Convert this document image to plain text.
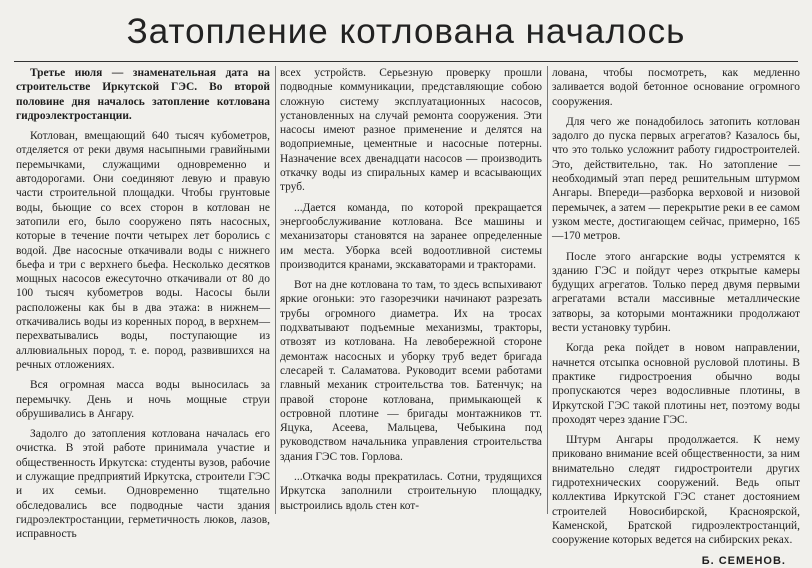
Затопление котлована началось

Третье июля — знаменательная дата на строительстве Иркутской ГЭС. Во второй половине дня началось затопление котлована гидроэлектростанции.

Котлован, вмещающий 640 тысяч кубометров, отделяется от реки двумя насыпными гравийными перемычками, служащими одновременно и автодорогами. Они соединяют левую и правую части строительной площадки. Чтобы грунтовые воды, бьющие со всех сторон в котлован не затопили его, было сооружено пять насосных, которые в течение почти четырех лет боролись с водой. Две насосные откачивали воды с нижнего бьефа и три с верхнего бьефа. Несколько десятков мощных насосов ежесуточно откачивали от 80 до 100 тысяч кубометров воды. Насосы были расположены как бы в два этажа: в нижнем—откачивались воды из коренных пород, в верхнем—перехватывались воды, поступающие из аллювиальных пород, т. е. пород, развившихся на речных отложениях.

Вся огромная масса воды выносилась за перемычку. День и ночь мощные струи обрушивались в Ангару.

Задолго до затопления котлована началась его очистка. В этой работе принимала участие и общественность Иркутска: студенты вузов, рабочие и служащие предприятий Иркутска, строители ГЭС и их семьи. Одновременно тщательно обследовались все подводные части здания гидроэлектростанции, герметичность люков, лазов, исправность

всех устройств. Серьезную проверку прошли подводные коммуникации, представляющие собою сложную систему эксплуатационных насосов, установленных на случай ремонта сооружения. Эти насосы имеют разное применение и делятся на водоприемные, цементные и насосные потерны. Назначение всех двенадцати насосов — производить откачку воды из спиральных камер и всасывающих труб.

...Дается команда, по которой прекращается энергообслуживание котлована. Все машины и механизаторы становятся на заранее определенные им места. Уборка всей водоотливной системы производится кранами, экскаваторами и тракторами.

Вот на дне котлована то там, то здесь вспыхивают яркие огоньки: это газорезчики начинают разрезать трубы огромного диаметра. Их на тросах подхватывают подъемные механизмы, тракторы, отвозят из котлована. На левобережной стороне демонтаж насосных и уборку труб ведет бригада слесарей т. Саламатова. Руководит всеми работами главный механик строительства тов. Батенчук; на правой стороне котлована, примыкающей к островной плотине — бригады монтажников тт. Яцука, Асеева, Мальцева, Чебыкина под руководством начальника управления строительства здания ГЭС тов. Горлова.

...Откачка воды прекратилась. Сотни, трудящихся Иркутска заполнили строительную площадку, выстроились вдоль стен кот-

лована, чтобы посмотреть, как медленно заливается водой бетонное основание огромного сооружения.

Для чего же понадобилось затопить котлован задолго до пуска первых агрегатов? Казалось бы, что это только усложнит работу гидростроителей. Это, действительно, так. Но затопление — необходимый этап перед решительным штурмом Ангары. Впереди—разборка верховой и низовой перемычек, а затем — перекрытие реки в ее самом узком месте, достигающем сейчас, примерно, 165—170 метров.

После этого ангарские воды устремятся к зданию ГЭС и пойдут через открытые камеры будущих агрегатов. Только перед двумя первыми агрегатами встали массивные металлические затворы, за которыми монтажники продолжают вести установку турбин.

Когда река пойдет в новом направлении, начнется отсыпка основной русловой плотины. В практике гидростроения обычно воды пропускаются через водосливные плотины, в Иркутской ГЭС такой плотины нет, поэтому воды проходят через здание ГЭС.

Штурм Ангары продолжается. К нему приковано внимание всей общественности, за ним внимательно следят гидростроители других гидротехнических сооружений. Ведь опыт коллектива Иркутской ГЭС станет достоянием строителей Новосибирской, Красноярской, Каменской, Братской гидроэлектростанций, сооружение которых ведется на сибирских реках.

Б. СЕМЕНОВ.
